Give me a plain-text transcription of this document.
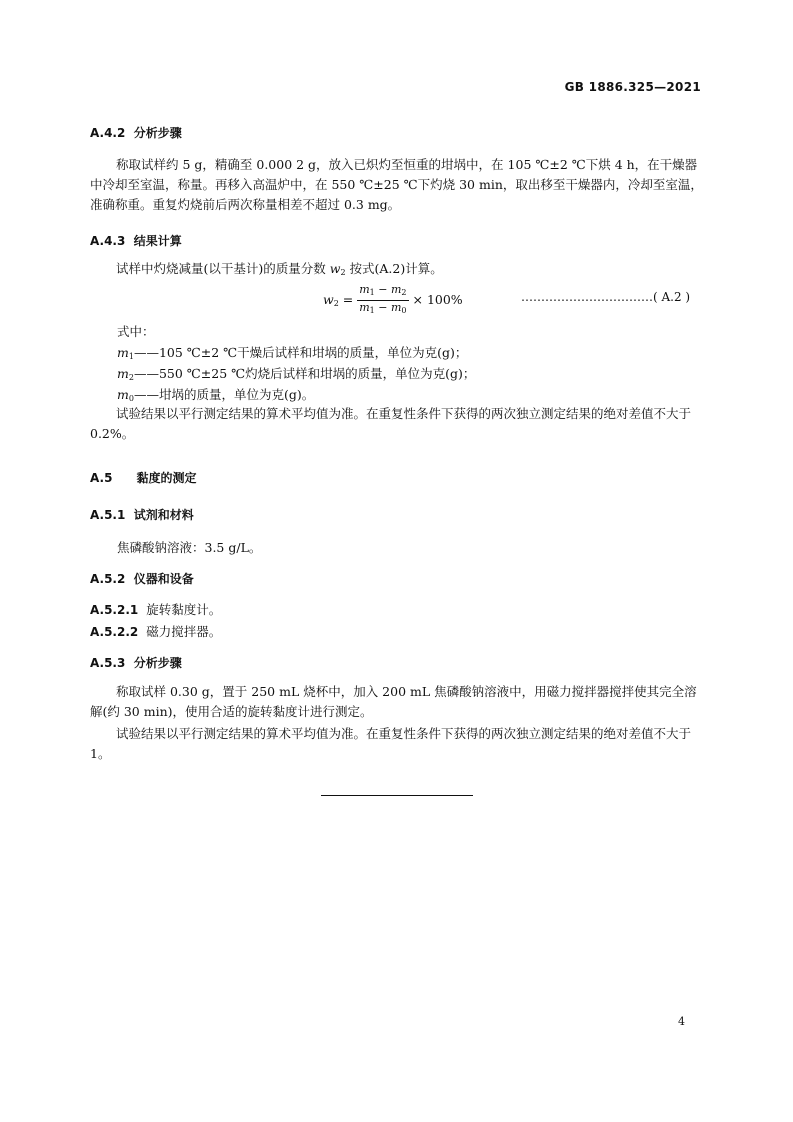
GB 1886.325—2021
A.4.2 分析步骤
称取试样约 5 g，精确至 0.000 2 g，放入已炽灼至恒重的坩埚中，在 105 ℃±2 ℃下烘 4 h，在干燥器中冷却至室温，称量。再移入高温炉中，在 550 ℃±25 ℃下灼烧 30 min，取出移至干燥器内，冷却至室温，准确称重。重复灼烧前后两次称量相差不超过 0.3 mg。
A.4.3 结果计算
试样中灼烧减量(以干基计)的质量分数 $w_2$ 按式(A.2)计算。
$w_2 = \frac{m_1 - m_2}{m_1 - m_0} \times 100\%$	……………………………( A.2 )
式中：
$m_1——105$ ℃±2 ℃干燥后试样和坩埚的质量，单位为克(g)；
$m_2——550$ ℃±25 ℃灼烧后试样和坩埚的质量，单位为克(g)；
$m_0——$坩埚的质量，单位为克(g)。
试验结果以平行测定结果的算术平均值为准。在重复性条件下获得的两次独立测定结果的绝对差值不大于 0.2%。
A.5 黏度的测定
A.5.1 试剂和材料
焦磷酸钠溶液：3.5 g/L。
A.5.2 仪器和设备
A.5.2.1 旋转黏度计。
A.5.2.2 磁力搅拌器。
A.5.3 分析步骤
称取试样 0.30 g，置于 250 mL 烧杯中，加入 200 mL 焦磷酸钠溶液中，用磁力搅拌器搅拌使其完全溶解(约 30 min)，使用合适的旋转黏度计进行测定。
试验结果以平行测定结果的算术平均值为准。在重复性条件下获得的两次独立测定结果的绝对差值不大于 1。
4
